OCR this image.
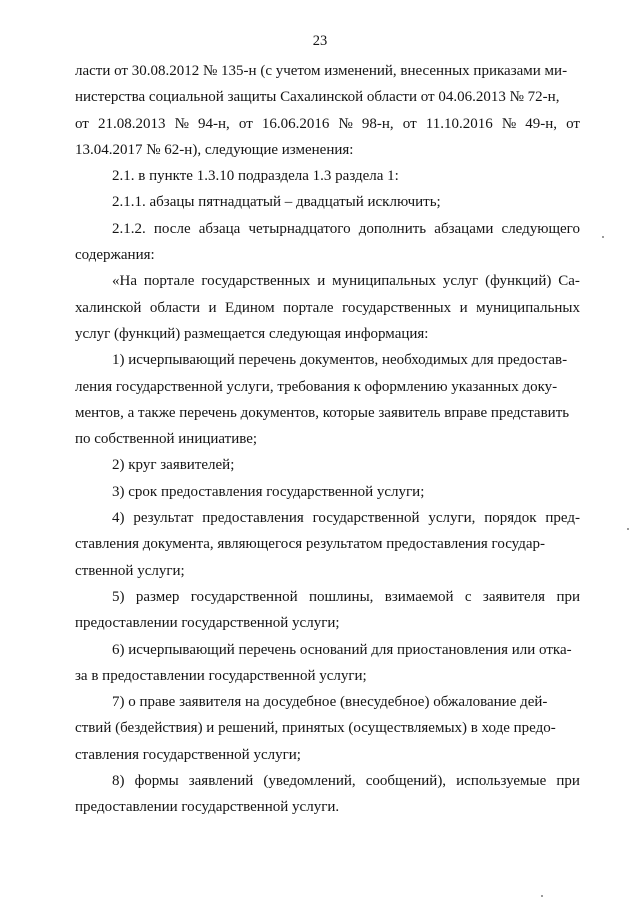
23
ласти от 30.08.2012 № 135-н (с учетом изменений, внесенных приказами ми-
нистерства социальной защиты Сахалинской области от 04.06.2013 № 72-н,
от 21.08.2013 № 94-н, от 16.06.2016 № 98-н, от 11.10.2016 № 49-н, от
13.04.2017 № 62-н), следующие изменения:
2.1. в пункте 1.3.10 подраздела 1.3 раздела 1:
2.1.1. абзацы пятнадцатый – двадцатый исключить;
2.1.2. после абзаца четырнадцатого дополнить абзацами следующего
содержания:
«На портале государственных и муниципальных услуг (функций) Са-
халинской области и Едином портале государственных и муниципальных
услуг (функций) размещается следующая информация:
1) исчерпывающий перечень документов, необходимых для предостав-
ления государственной услуги, требования к оформлению указанных доку-
ментов, а также перечень документов, которые заявитель вправе представить
по собственной инициативе;
2) круг заявителей;
3) срок предоставления государственной услуги;
4) результат предоставления государственной услуги, порядок пред-
ставления документа, являющегося результатом предоставления государ-
ственной услуги;
5) размер государственной пошлины, взимаемой с заявителя при
предоставлении государственной услуги;
6) исчерпывающий перечень оснований для приостановления или отка-
за в предоставлении государственной услуги;
7) о праве заявителя на досудебное (внесудебное) обжалование дей-
ствий (бездействия) и решений, принятых (осуществляемых) в ходе предо-
ставления государственной услуги;
8) формы заявлений (уведомлений, сообщений), используемые при
предоставлении государственной услуги.
